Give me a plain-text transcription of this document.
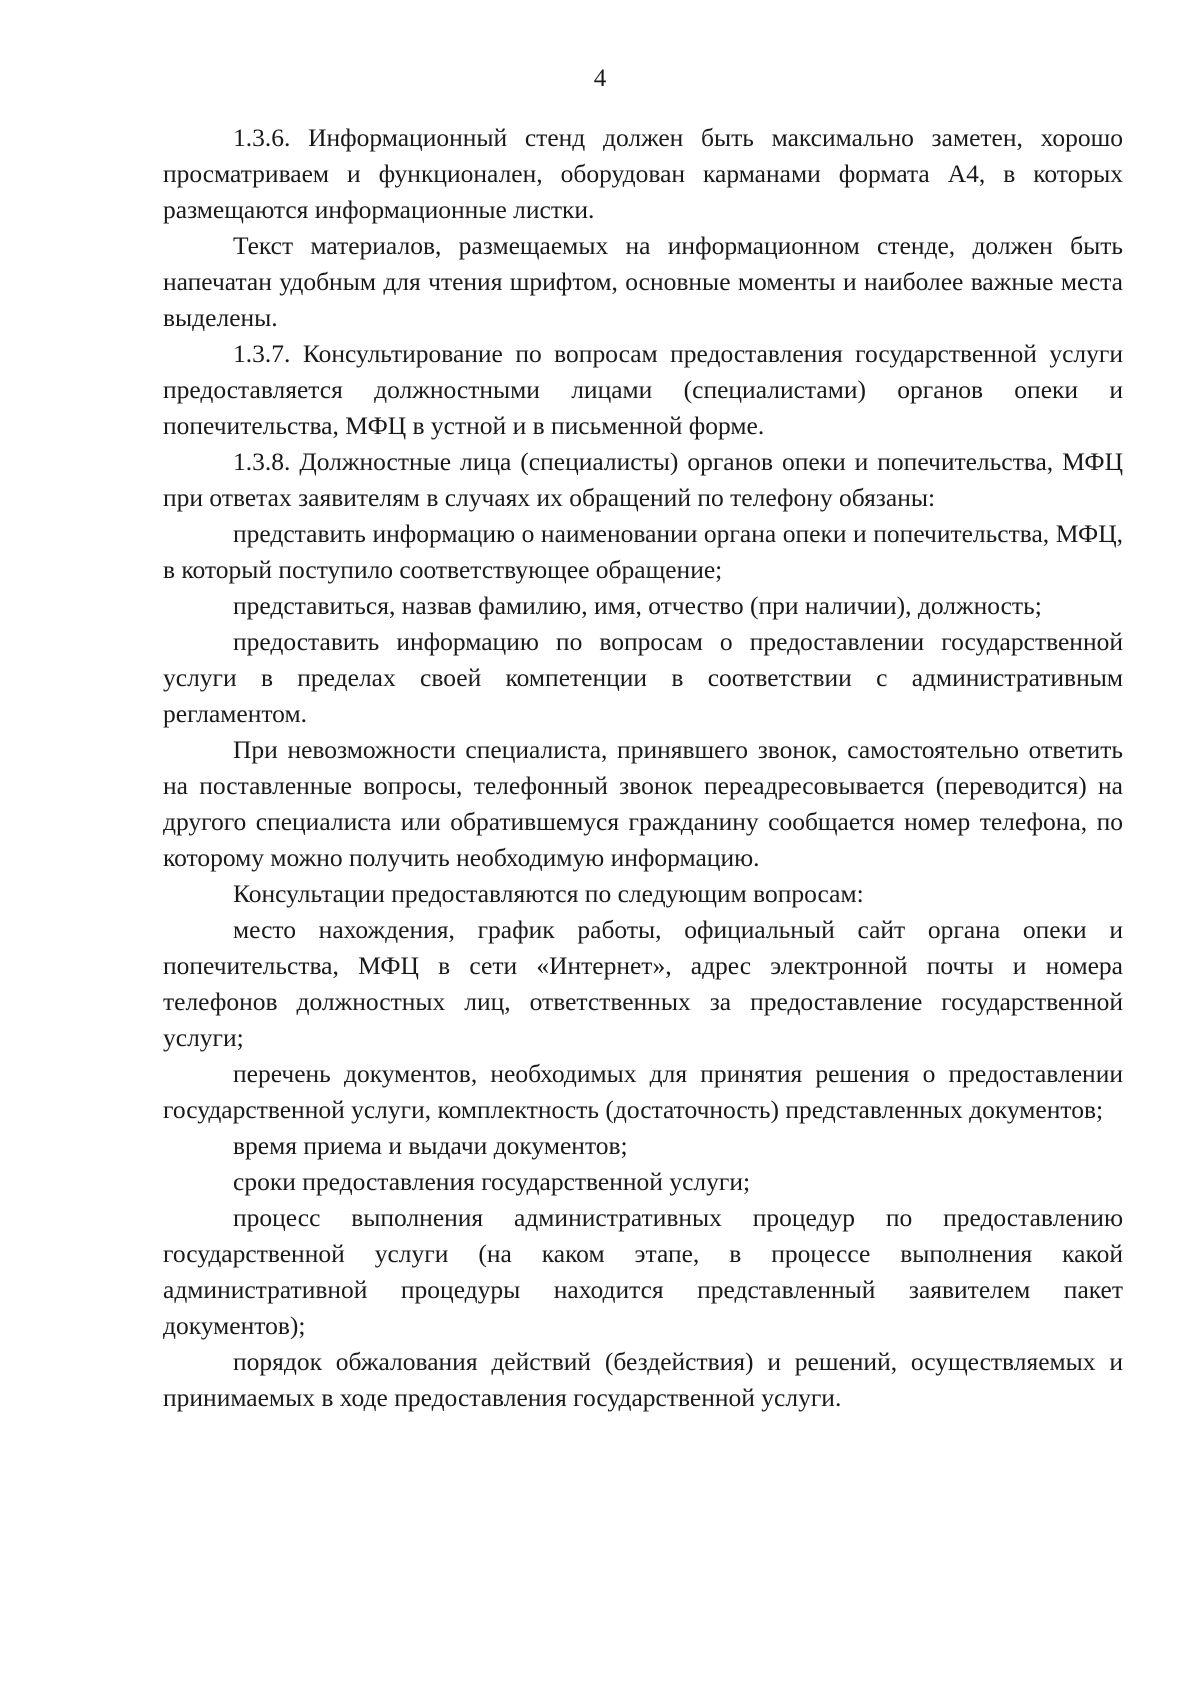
4

1.3.6. Информационный стенд должен быть максимально заметен, хорошо просматриваем и функционален, оборудован карманами формата А4, в которых размещаются информационные листки.

Текст материалов, размещаемых на информационном стенде, должен быть напечатан удобным для чтения шрифтом, основные моменты и наиболее важные места выделены.

1.3.7. Консультирование по вопросам предоставления государственной услуги предоставляется должностными лицами (специалистами) органов опеки и попечительства, МФЦ в устной и в письменной форме.

1.3.8. Должностные лица (специалисты) органов опеки и попечительства, МФЦ при ответах заявителям в случаях их обращений по телефону обязаны:

представить информацию о наименовании органа опеки и попечительства, МФЦ, в который поступило соответствующее обращение;

представиться, назвав фамилию, имя, отчество (при наличии), должность;

предоставить информацию по вопросам о предоставлении государственной услуги в пределах своей компетенции в соответствии с административным регламентом.

При невозможности специалиста, принявшего звонок, самостоятельно ответить на поставленные вопросы, телефонный звонок переадресовывается (переводится) на другого специалиста или обратившемуся гражданину сообщается номер телефона, по которому можно получить необходимую информацию.

Консультации предоставляются по следующим вопросам:

место нахождения, график работы, официальный сайт органа опеки и попечительства, МФЦ в сети «Интернет», адрес электронной почты и номера телефонов должностных лиц, ответственных за предоставление государственной услуги;

перечень документов, необходимых для принятия решения о предоставлении государственной услуги, комплектность (достаточность) представленных документов;

время приема и выдачи документов;

сроки предоставления государственной услуги;

процесс выполнения административных процедур по предоставлению государственной услуги (на каком этапе, в процессе выполнения какой административной процедуры находится представленный заявителем пакет документов);

порядок обжалования действий (бездействия) и решений, осуществляемых и принимаемых в ходе предоставления государственной услуги.
